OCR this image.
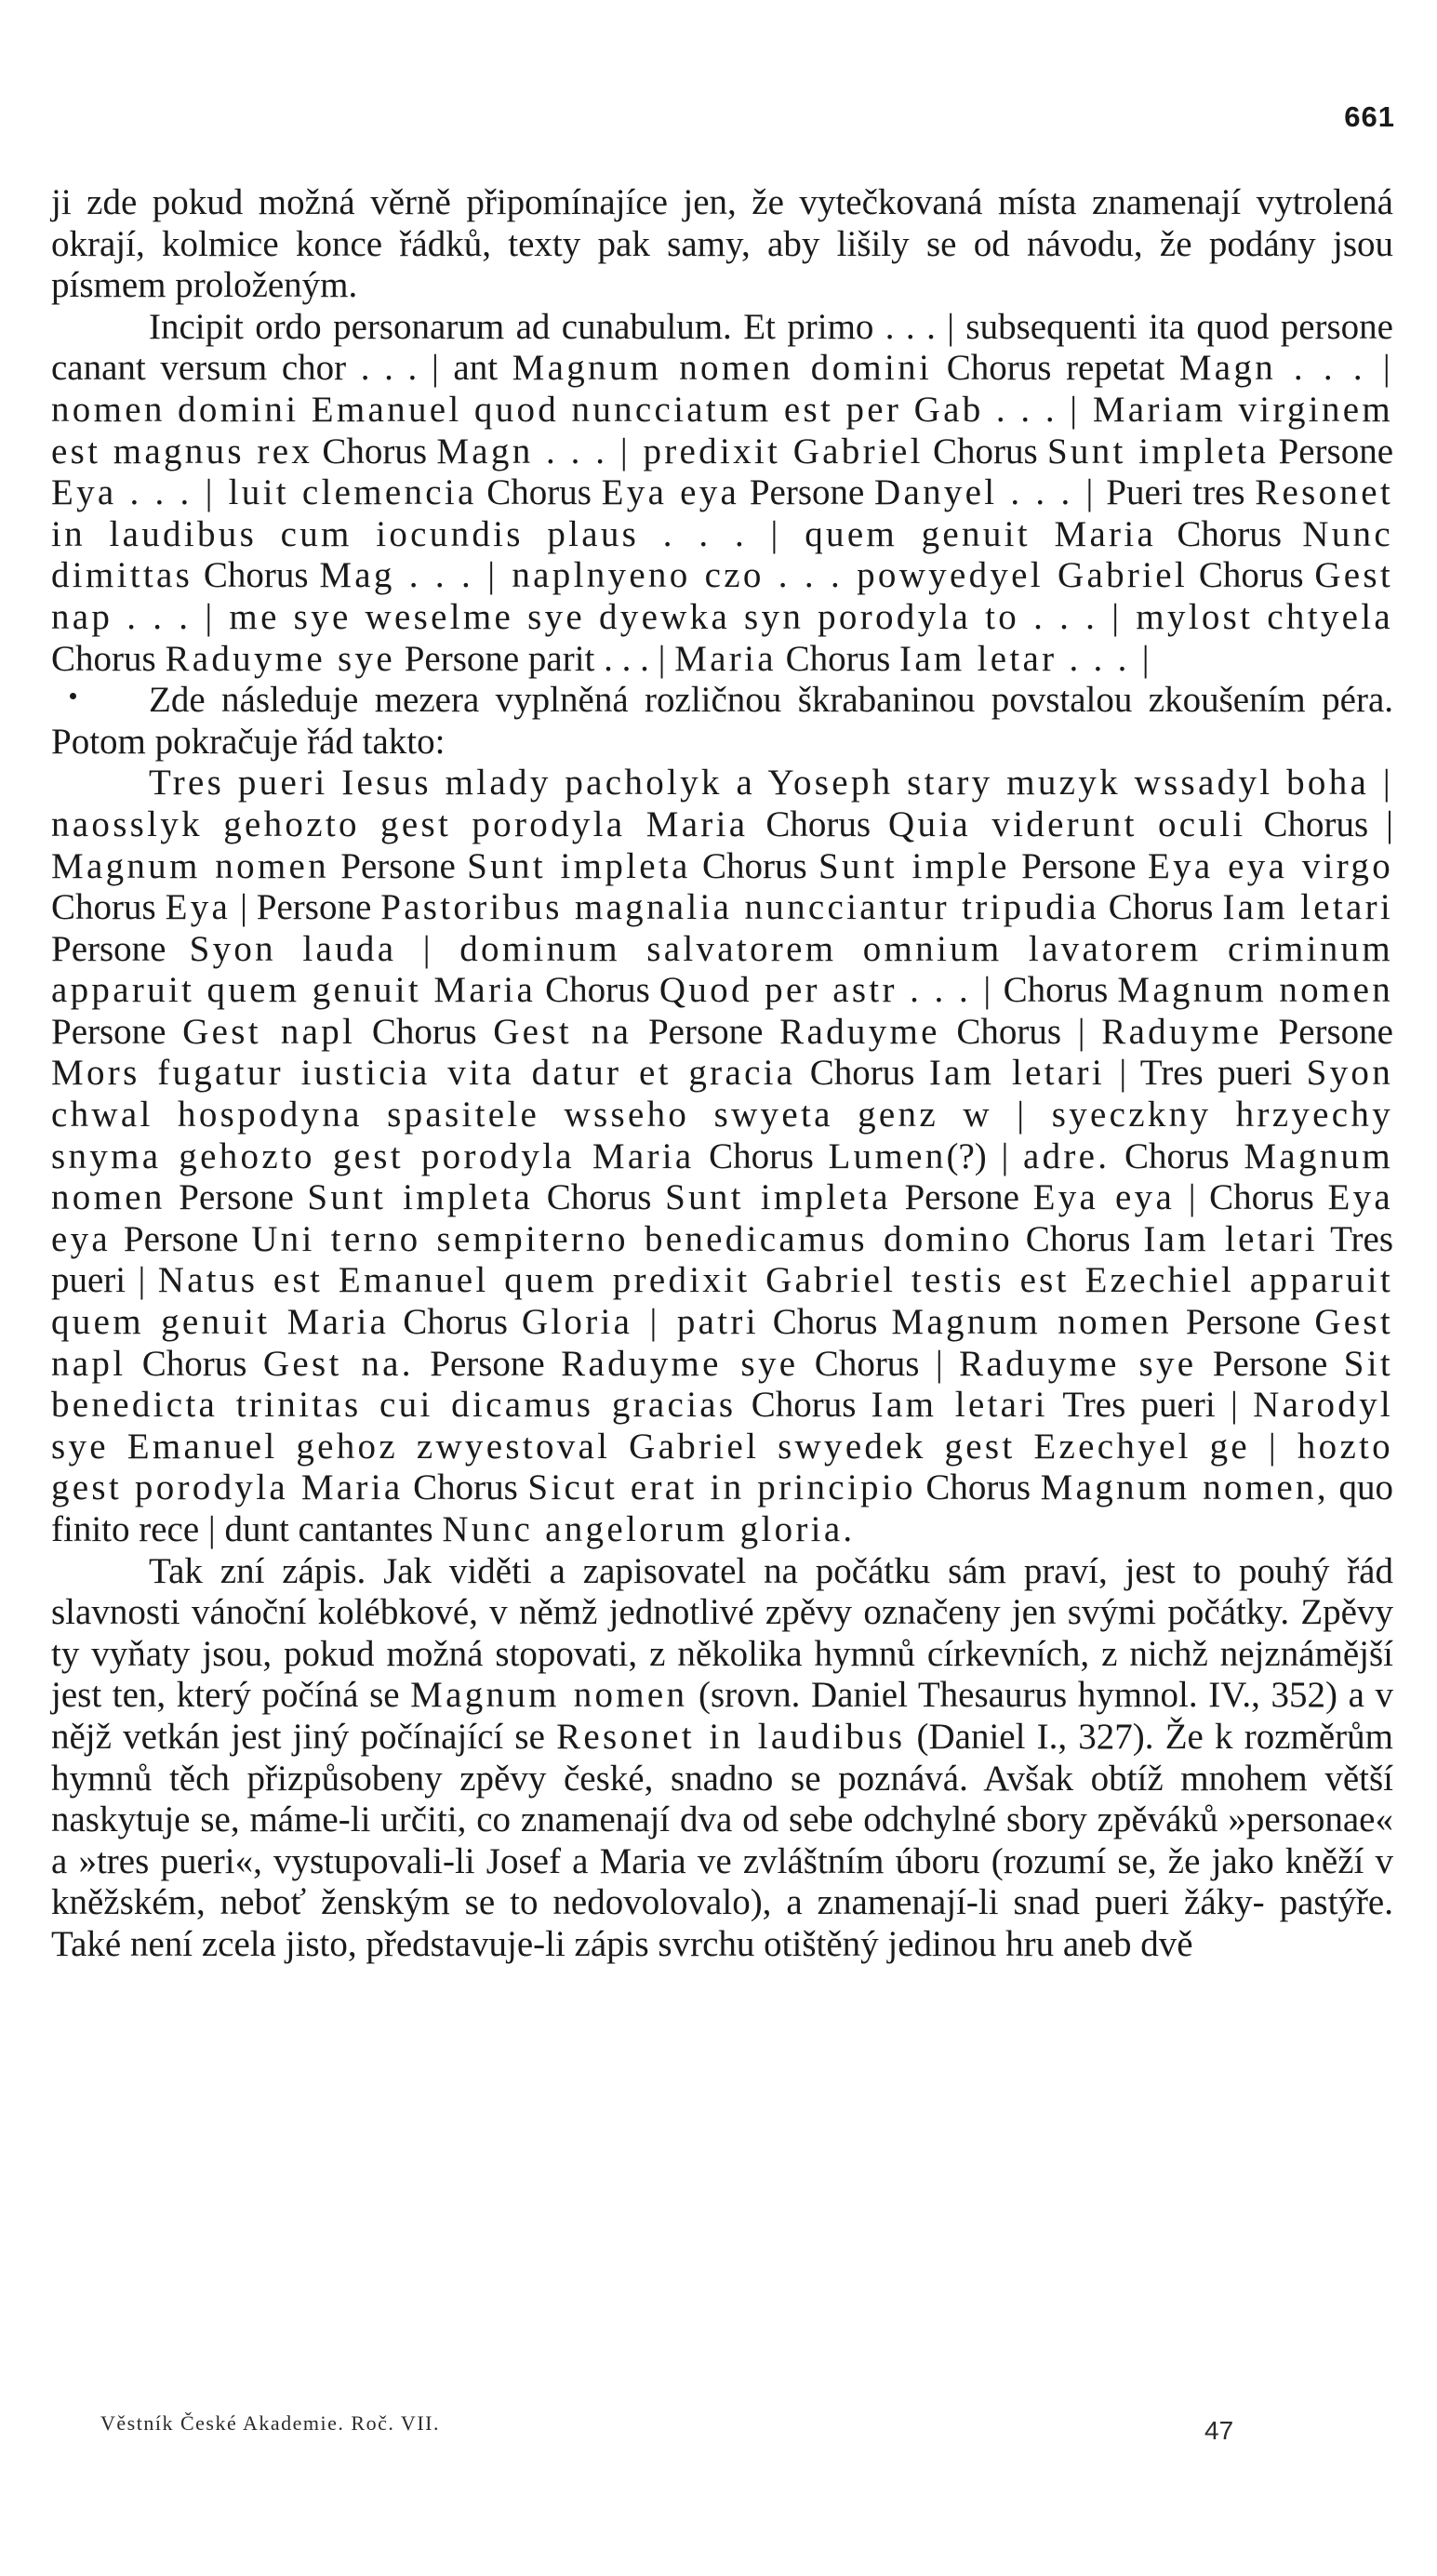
661

ji zde pokud možná věrně připomínajíce jen, že vytečkovaná místa znamenají vytrolená okrají, kolmice konce řádků, texty pak samy, aby lišily se od návodu, že podány jsou písmem proloženým.

Incipit ordo personarum ad cunabulum. Et primo . . . | subsequenti ita quod persone canant versum chor . . . | ant Magnum nomen domini Chorus repetat Magn . . . | nomen domini Emanuel quod nuncciatum est per Gab . . . | Mariam virginem est magnus rex Chorus Magn . . . | predixit Gabriel Chorus Sunt impleta Persone Eya . . . | luit clemencia Chorus Eya eya Persone Danyel . . . | Pueri tres Resonet in laudibus cum iocundis plaus . . . | quem genuit Maria Chorus Nunc dimittas Chorus Mag . . . | naplnyeno czo . . . powyedyel Gabriel Chorus Gest nap . . . | me sye weselme sye dyewka syn porodyla to . . . | mylost chtyela Chorus Raduyme sye Persone parit . . . | Maria Chorus Iam letar . . . |

Zde následuje mezera vyplněná rozličnou škrabaninou povstalou zkoušením péra. Potom pokračuje řád takto:

Tres pueri Iesus mlady pacholyk a Yoseph stary muzyk wssadyl boha | naosslyk gehozto gest porodyla Maria Chorus Quia viderunt oculi Chorus | Magnum nomen Persone Sunt impleta Chorus Sunt imple Persone Eya eya virgo Chorus Eya | Persone Pastoribus magnalia nuncciantur tripudia Chorus Iam letari Persone Syon lauda | dominum salvatorem omnium lavatorem criminum apparuit quem genuit Maria Chorus Quod per astr . . . | Chorus Magnum nomen Persone Gest napl Chorus Gest na Persone Raduyme Chorus | Raduyme Persone Mors fugatur iusticia vita datur et gracia Chorus Iam letari | Tres pueri Syon chwal hospodyna spasitele wsseho swyeta genz w | syeczkny hrzyechy snyma gehozto gest porodyla Maria Chorus Lumen(?) | adre. Chorus Magnum nomen Persone Sunt impleta Chorus Sunt impleta Persone Eya eya | Chorus Eya eya Persone Uni terno sempiterno benedicamus domino Chorus Iam letari Tres pueri | Natus est Emanuel quem predixit Gabriel testis est Ezechiel apparuit quem genuit Maria Chorus Gloria | patri Chorus Magnum nomen Persone Gest napl Chorus Gest na. Persone Raduyme sye Chorus | Raduyme sye Persone Sit benedicta trinitas cui dicamus gracias Chorus Iam letari Tres pueri | Narodyl sye Emanuel gehoz zwyestoval Gabriel swyedek gest Ezechyel ge | hozto gest porodyla Maria Chorus Sicut erat in principio Chorus Magnum nomen, quo finito rece | dunt cantantes Nunc angelorum gloria.

Tak zní zápis. Jak viděti a zapisovatel na počátku sám praví, jest to pouhý řád slavnosti vánoční kolébkové, v němž jednotlivé zpěvy označeny jen svými počátky. Zpěvy ty vyňaty jsou, pokud možná stopovati, z několika hymnů církevních, z nichž nejznámější jest ten, který počíná se Magnum nomen (srovn. Daniel Thesaurus hymnol. IV., 352) a v nějž vetkán jest jiný počínající se Resonet in laudibus (Daniel I., 327). Že k rozměrům hymnů těch přizpůsobeny zpěvy české, snadno se poznává. Avšak obtíž mnohem větší naskytuje se, máme-li určiti, co znamenají dva od sebe odchylné sbory zpěváků »personae« a »tres pueri«, vystupovali-li Josef a Maria ve zvláštním úboru (rozumí se, že jako kněží v kněžském, neboť ženským se to nedovolovalo), a znamenají-li snad pueri žáky- pastýře. Také není zcela jisto, představuje-li zápis svrchu otištěný jedinou hru aneb dvě

Věstník České Akademie. Roč. VII.	47
